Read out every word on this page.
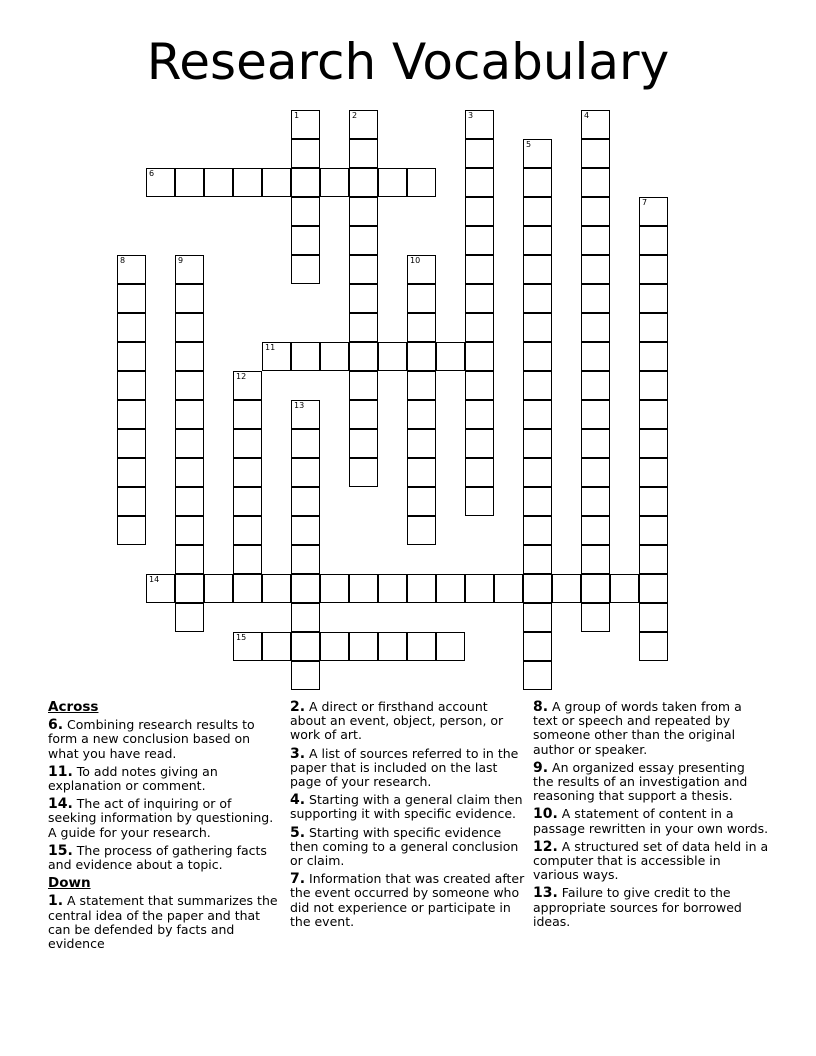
Research Vocabulary
1	2	3	4
5
6
7
8	9	10
11
12
13
14
15
Across
6. Combining research results to form a new conclusion based on what you have read.
11. To add notes giving an explanation or comment.
14. The act of inquiring or of seeking information by questioning. A guide for your research.
15. The process of gathering facts and evidence about a topic.
Down
1. A statement that summarizes the central idea of the paper and that can be defended by facts and evidence
2. A direct or firsthand account about an event, object, person, or work of art.
3. A list of sources referred to in the paper that is included on the last page of your research.
4. Starting with a general claim then supporting it with specific evidence.
5. Starting with specific evidence then coming to a general conclusion or claim.
7. Information that was created after the event occurred by someone who did not experience or participate in the event.
8. A group of words taken from a text or speech and repeated by someone other than the original author or speaker.
9. An organized essay presenting the results of an investigation and reasoning that support a thesis.
10. A statement of content in a passage rewritten in your own words.
12. A structured set of data held in a computer that is accessible in various ways.
13. Failure to give credit to the appropriate sources for borrowed ideas.
